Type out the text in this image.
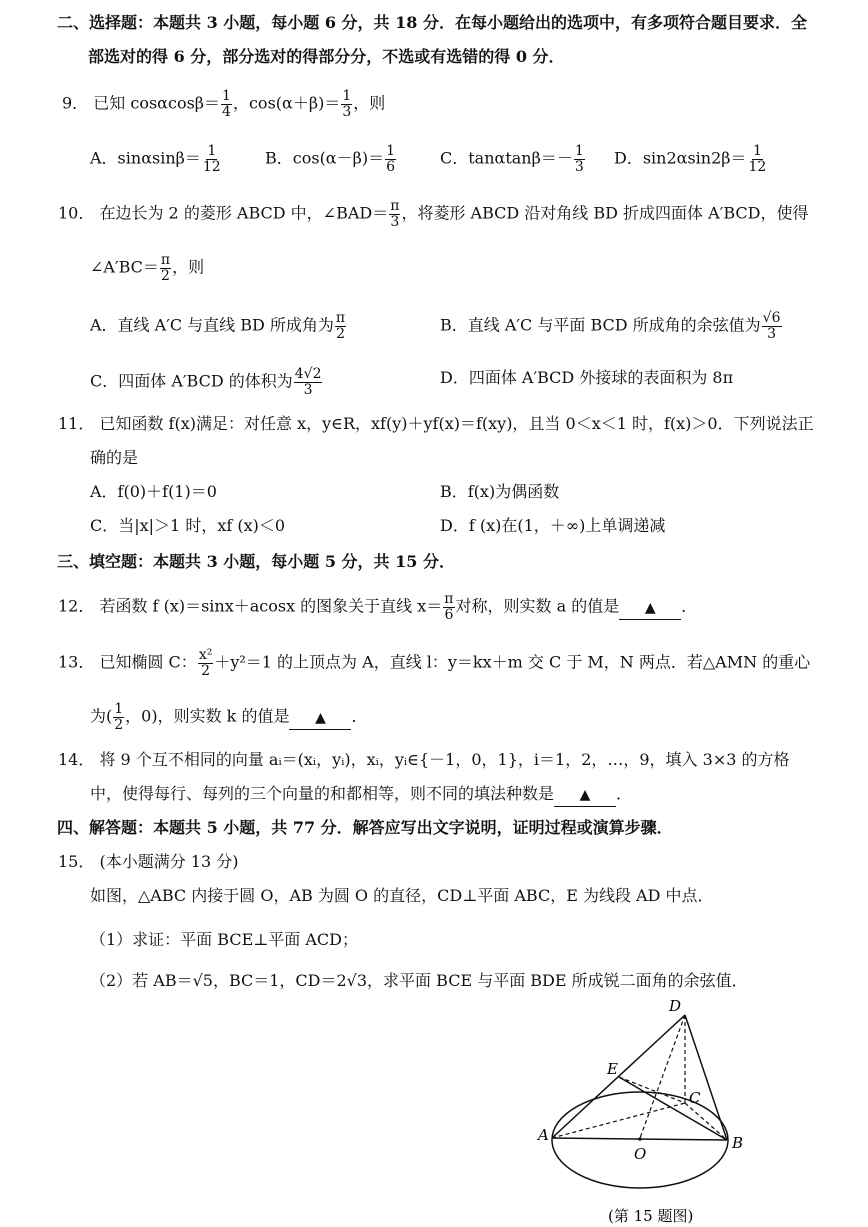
二、选择题：本题共 3 小题，每小题 6 分，共 18 分．在每小题给出的选项中，有多项符合题目要求．全
部选对的得 6 分，部分选对的得部分分，不选或有选错的得 0 分．
9． 已知 $\cos\alpha\cos\beta= \frac{1}{4}$ ，$\cos(\alpha+\beta)= \frac{1}{3}$ ，则
A．$\sin\alpha\sin\beta= \frac{1}{12}$	B．$\cos(\alpha-\beta)= \frac{1}{6}$	C．$\tan\alpha\tan\beta=- \frac{1}{3}$ D．$\sin 2\alpha\sin 2\beta= \frac{1}{12}$
10． 在边长为 2 的菱形 ABCD 中，∠BAD＝ $\frac{\pi}{3}$ ，将菱形 ABCD 沿对角线 BD 折成四面体 A′BCD，使得
∠A′BC＝ $\frac{\pi}{2}$ ，则
A．直线 A′C 与直线 BD 所成角为 $\frac{\pi}{2}$	B．直线 A′C 与平面 BCD 所成角的余弦值为 $\frac{√6}{3}$
C．四面体 A′BCD 的体积为 $\frac{4√2}{3}$	D．四面体 A′BCD 外接球的表面积为 8π
11． 已知函数 f(x)满足：对任意 x，y∈R，xf(y)＋yf(x)＝f(xy)，且当 0＜x＜1 时，f(x)＞0．下列说法正
确的是
A．f(0)＋f(1)＝0	B．f(x)为偶函数
C．当|x|＞1 时，xf (x)＜0	D．f (x)在(1，＋∞)上单调递减
三、填空题：本题共 3 小题，每小题 5 分，共 15 分．
12． 若函数 f (x)＝sinx＋acosx 的图象关于直线 $x= \frac{\pi}{6}$ 对称，则实数 a 的值是 ▲ ．
13． 已知椭圆 C： $\frac{\text{x²}}{2} +y^2=1$ 的上顶点为 A，直线 l：y＝kx＋m 交 C 于 M，N 两点．若△AMN 的重心
为( $\frac{1}{2}$ ，0)，则实数 k 的值是 ▲ ．
14． 将 9 个互不相同的向量 aᵢ＝(xᵢ，yᵢ)，xᵢ，yᵢ∈{－1，0，1}，i＝1，2，…，9，填入 3×3 的方格
中，使得每行、每列的三个向量的和都相等，则不同的填法种数是 ▲ ．
四、解答题：本题共 5 小题，共 77 分．解答应写出文字说明，证明过程或演算步骤．
15． (本小题满分 13 分)
如图，△ABC 内接于圆 O，AB 为圆 O 的直径，CD⊥平面 ABC，E 为线段 AD 中点．
（1）求证：平面 BCE⊥平面 ACD；
（2）若 AB＝√5，BC＝1，CD＝2√3，求平面 BCE 与平面 BDE 所成锐二面角的余弦值．
D
E
C
A	B
O
(第 15 题图)
